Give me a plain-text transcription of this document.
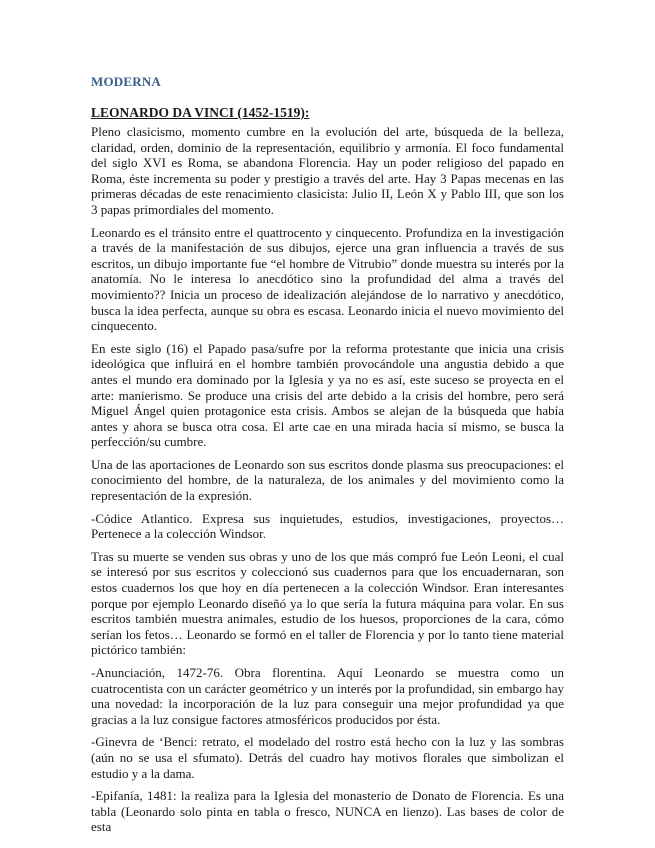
MODERNA
LEONARDO DA VINCI (1452-1519):

Pleno clasicismo, momento cumbre en la evolución del arte, búsqueda de la belleza, claridad, orden, dominio de la representación, equilibrio y armonía. El foco fundamental del siglo XVI es Roma, se abandona Florencia. Hay un poder religioso del papado en Roma, éste incrementa su poder y prestigio a través del arte. Hay 3 Papas mecenas en las primeras décadas de este renacimiento clasicista: Julio II, León X y Pablo III, que son los 3 papas primordiales del momento.

Leonardo es el tránsito entre el quattrocento y cinquecento. Profundiza en la investigación a través de la manifestación de sus dibujos, ejerce una gran influencia a través de sus escritos, un dibujo importante fue “el hombre de Vitrubio” donde muestra su interés por la anatomía. No le interesa lo anecdótico sino la profundidad del alma a través del movimiento?? Inicia un proceso de idealización alejándose de lo narrativo y anecdótico, busca la idea perfecta, aunque su obra es escasa. Leonardo inicia el nuevo movimiento del cinquecento.

En este siglo (16) el Papado pasa/sufre por la reforma protestante que inicia una crisis ideológica que influirá en el hombre también provocándole una angustia debido a que antes el mundo era dominado por la Iglesia y ya no es así, este suceso se proyecta en el arte: manierismo. Se produce una crisis del arte debido a la crisis del hombre, pero será Miguel Ángel quien protagonice esta crisis. Ambos se alejan de la búsqueda que había antes y ahora se busca otra cosa. El arte cae en una mirada hacia sí mismo, se busca la perfección/su cumbre.

Una de las aportaciones de Leonardo son sus escritos donde plasma sus preocupaciones: el conocimiento del hombre, de la naturaleza, de los animales y del movimiento como la representación de la expresión.

-Códice Atlantico. Expresa sus inquietudes, estudios, investigaciones, proyectos… Pertenece a la colección Windsor.

Tras su muerte se venden sus obras y uno de los que más compró fue León Leoni, el cual se interesó por sus escritos y coleccionó sus cuadernos para que los encuadernaran, son estos cuadernos los que hoy en día pertenecen a la colección Windsor. Eran interesantes porque por ejemplo Leonardo diseñó ya lo que sería la futura máquina para volar. En sus escritos también muestra animales, estudio de los huesos, proporciones de la cara, cómo serían los fetos… Leonardo se formó en el taller de Florencia y por lo tanto tiene material pictórico también:

-Anunciación, 1472-76. Obra florentina. Aquí Leonardo se muestra como un cuatrocentista con un carácter geométrico y un interés por la profundidad, sin embargo hay una novedad: la incorporación de la luz para conseguir una mejor profundidad ya que gracias a la luz consigue factores atmosféricos producidos por ésta.

-Ginevra de ‘Benci: retrato, el modelado del rostro está hecho con la luz y las sombras (aún no se usa el sfumato). Detrás del cuadro hay motivos florales que simbolizan el estudio y a la dama.

-Epifanía, 1481: la realiza para la Iglesia del monasterio de Donato de Florencia. Es una tabla (Leonardo solo pinta en tabla o fresco, NUNCA en lienzo). Las bases de color de esta
